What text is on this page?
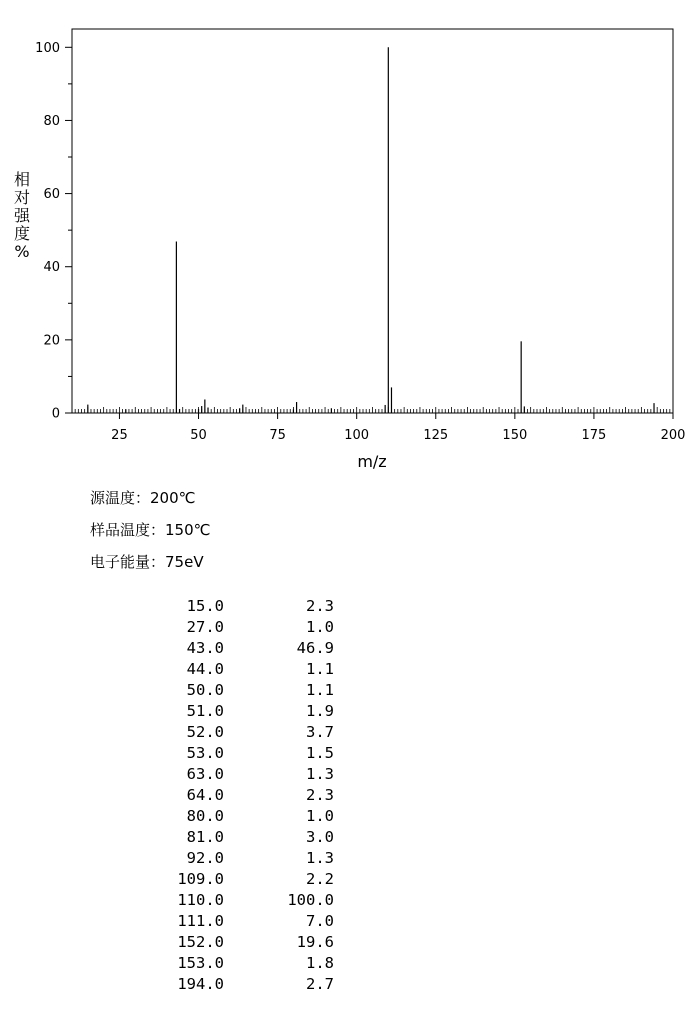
25	50	75	100	125	150	175	200
0
20
40
60
80
100
m/z
相对强度%
源温度：200℃
样品温度：150℃
电子能量：75eV
15.0	2.3
27.0	1.0
43.0	46.9
44.0	1.1
50.0	1.1
51.0	1.9
52.0	3.7
53.0	1.5
63.0	1.3
64.0	2.3
80.0	1.0
81.0	3.0
92.0	1.3
109.0	2.2
110.0	100.0
111.0	7.0
152.0	19.6
153.0	1.8
194.0	2.7
